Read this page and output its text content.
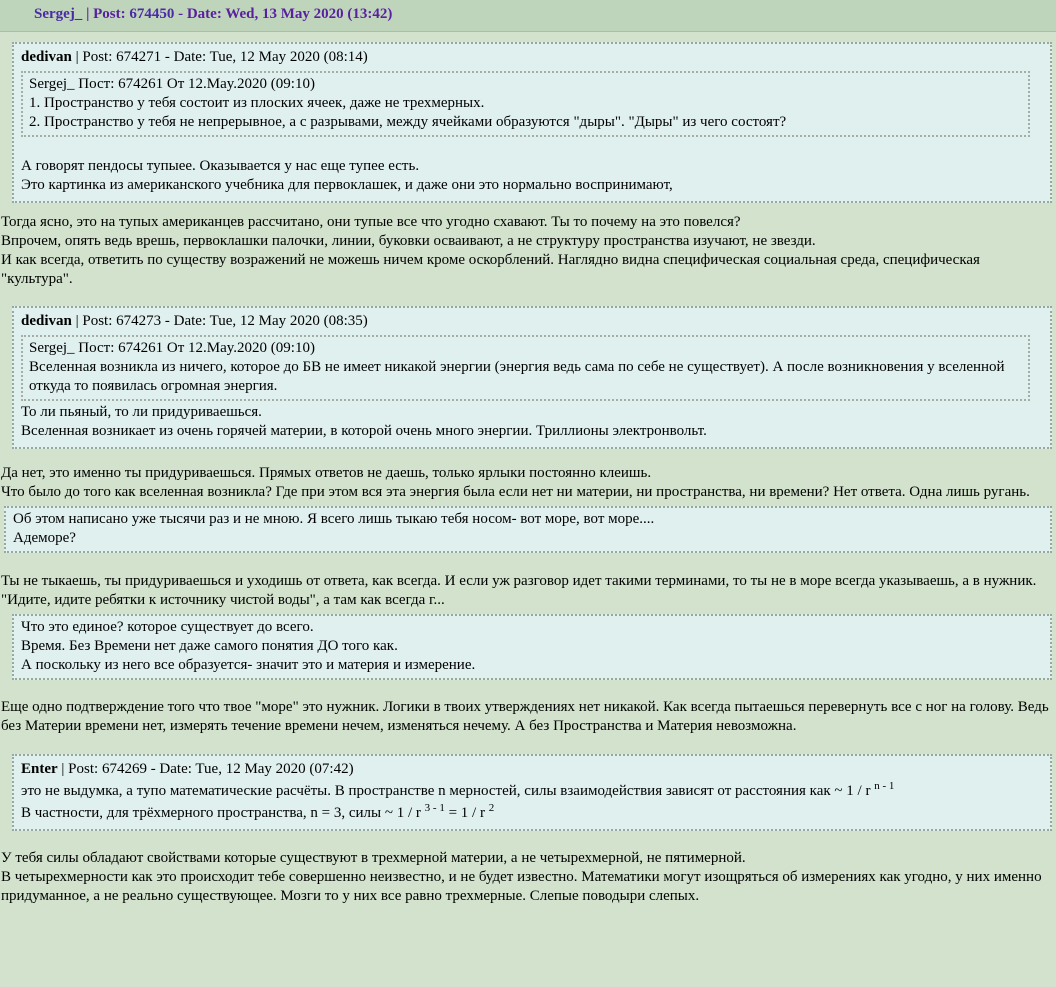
Sergej_ | Post: 674450 - Date: Wed, 13 May 2020 (13:42)
dedivan | Post: 674271 - Date: Tue, 12 May 2020 (08:14)
Sergej_ Пост: 674261 От 12.May.2020 (09:10)
1. Пространство у тебя состоит из плоских ячеек, даже не трехмерных.
2. Пространство у тебя не непрерывное, а с разрывами, между ячейками образуются "дыры". "Дыры" из чего состоят?
А говорят пендосы тупыее. Оказывается у нас еще тупее есть.
Это картинка из американского учебника для первоклашек, и даже они это нормально воспринимают,
Тогда ясно, это на тупых американцев рассчитано, они тупые все что угодно схавают. Ты то почему на это повелся?
Впрочем, опять ведь врешь, первоклашки палочки, линии, буковки осваивают, а не структуру пространства изучают, не звезди.
И как всегда, ответить по существу возражений не можешь ничем кроме оскорблений. Наглядно видна специфическая социальная среда, специфическая "культура".
dedivan | Post: 674273 - Date: Tue, 12 May 2020 (08:35)
Sergej_ Пост: 674261 От 12.May.2020 (09:10)
Вселенная возникла из ничего, которое до БВ не имеет никакой энергии (энергия ведь сама по себе не существует). А после возникновения у вселенной откуда то появилась огромная энергия.
То ли пьяный, то ли придуриваешься.
Вселенная возникает из очень горячей материи, в которой очень много энергии. Триллионы электронвольт.
Да нет, это именно ты придуриваешься. Прямых ответов не даешь, только ярлыки постоянно клеишь.
Что было до того как вселенная возникла? Где при этом вся эта энергия была если нет ни материи, ни пространства, ни времени? Нет ответа. Одна лишь ругань.
Об этом написано уже тысячи раз и не мною. Я всего лишь тыкаю тебя носом- вот море, вот море....
Адеморе?
Ты не тыкаешь, ты придуриваешься и уходишь от ответа, как всегда. И если уж разговор идет такими терминами, то ты не в море всегда указываешь, а в нужник. "Идите, идите ребятки к источнику чистой воды", а там как всегда г...
Что это единое? которое существует до всего.
Время. Без Времени нет даже самого понятия ДО того как.
А поскольку из него все образуется- значит это и материя и измерение.
Еще одно подтверждение того что твое "море" это нужник. Логики в твоих утверждениях нет никакой. Как всегда пытаешься перевернуть все с ног на голову. Ведь без Материи времени нет, измерять течение времени нечем, изменяться нечему. А без Пространства и Материя невозможна.
Enter | Post: 674269 - Date: Tue, 12 May 2020 (07:42)
это не выдумка, а тупо математические расчёты. В пространстве n мерностей, силы взаимодействия зависят от расстояния как ~ 1 / r $^{n - 1}$
В частности, для трёхмерного пространства, n = 3, силы ~ 1 / r $^{3 - 1}$ = 1 / r $^2$
У тебя силы обладают свойствами которые существуют в трехмерной материи, а не четырехмерной, не пятимерной.
В четырехмерности как это происходит тебе совершенно неизвестно, и не будет известно. Математики могут изощряться об измерениях как угодно, у них именно придуманное, а не реально существующее. Мозги то у них все равно трехмерные. Слепые поводыри слепых.
